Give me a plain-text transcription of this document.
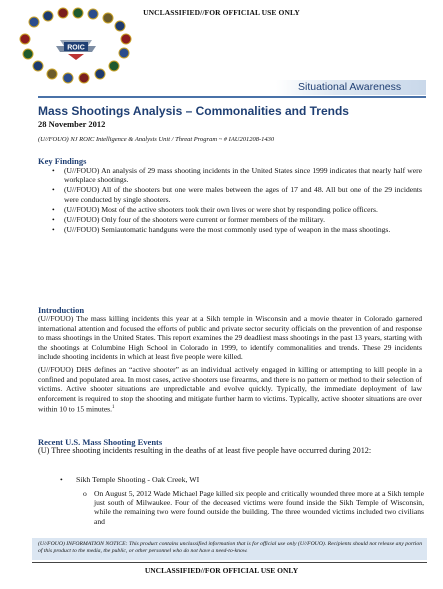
UNCLASSIFIED//FOR OFFICIAL USE ONLY
ROIC
Situational Awareness
Mass Shootings Analysis – Commonalities and Trends
28 November 2012
(U//FOUO) NJ ROIC Intelligence & Analysis Unit / Threat Program ~ # IAU201208-1430
Key Findings
• (U//FOUO) An analysis of 29 mass shooting incidents in the United States since 1999 indicates that nearly half were workplace shootings.
• (U//FOUO) All of the shooters but one were males between the ages of 17 and 48. All but one of the 29 incidents were conducted by single shooters.
• (U//FOUO) Most of the active shooters took their own lives or were shot by responding police officers.
• (U//FOUO) Only four of the shooters were current or former members of the military.
• (U//FOUO) Semiautomatic handguns were the most commonly used type of weapon in the mass shootings.
Introduction

(U//FOUO) The mass killing incidents this year at a Sikh temple in Wisconsin and a movie theater in Colorado garnered international attention and focused the efforts of public and private sector security officials on the prevention of and response to mass shootings in the United States. This report examines the 29 deadliest mass shootings in the past 13 years, starting with the shootings at Columbine High School in Colorado in 1999, to identify commonalities and trends. These 29 incidents include shooting incidents in which at least five people were killed.

(U//FOUO) DHS defines an “active shooter” as an individual actively engaged in killing or attempting to kill people in a confined and populated area. In most cases, active shooters use firearms, and there is no pattern or method to their selection of victims. Active shooter situations are unpredictable and evolve quickly. Typically, the immediate deployment of law enforcement is required to stop the shooting and mitigate further harm to victims. Typically, active shooter situations are over within 10 to 15 minutes.$^1$

Recent U.S. Mass Shooting Events

(U) Three shooting incidents resulting in the deaths of at least five people have occurred during 2012:

• Sikh Temple Shooting - Oak Creek, WI
o On August 5, 2012 Wade Michael Page killed six people and critically wounded three more at a Sikh temple just south of Milwaukee. Four of the deceased victims were found inside the Sikh Temple of Wisconsin, while the remaining two were found outside the building. The three wounded victims included two civilians and
(U//FOUO) INFORMATION NOTICE: This product contains unclassified information that is for official use only (U//FOUO). Recipients should not release any portion of this product to the media, the public, or other personnel who do not have a need-to-know.
UNCLASSIFIED//FOR OFFICIAL USE ONLY
